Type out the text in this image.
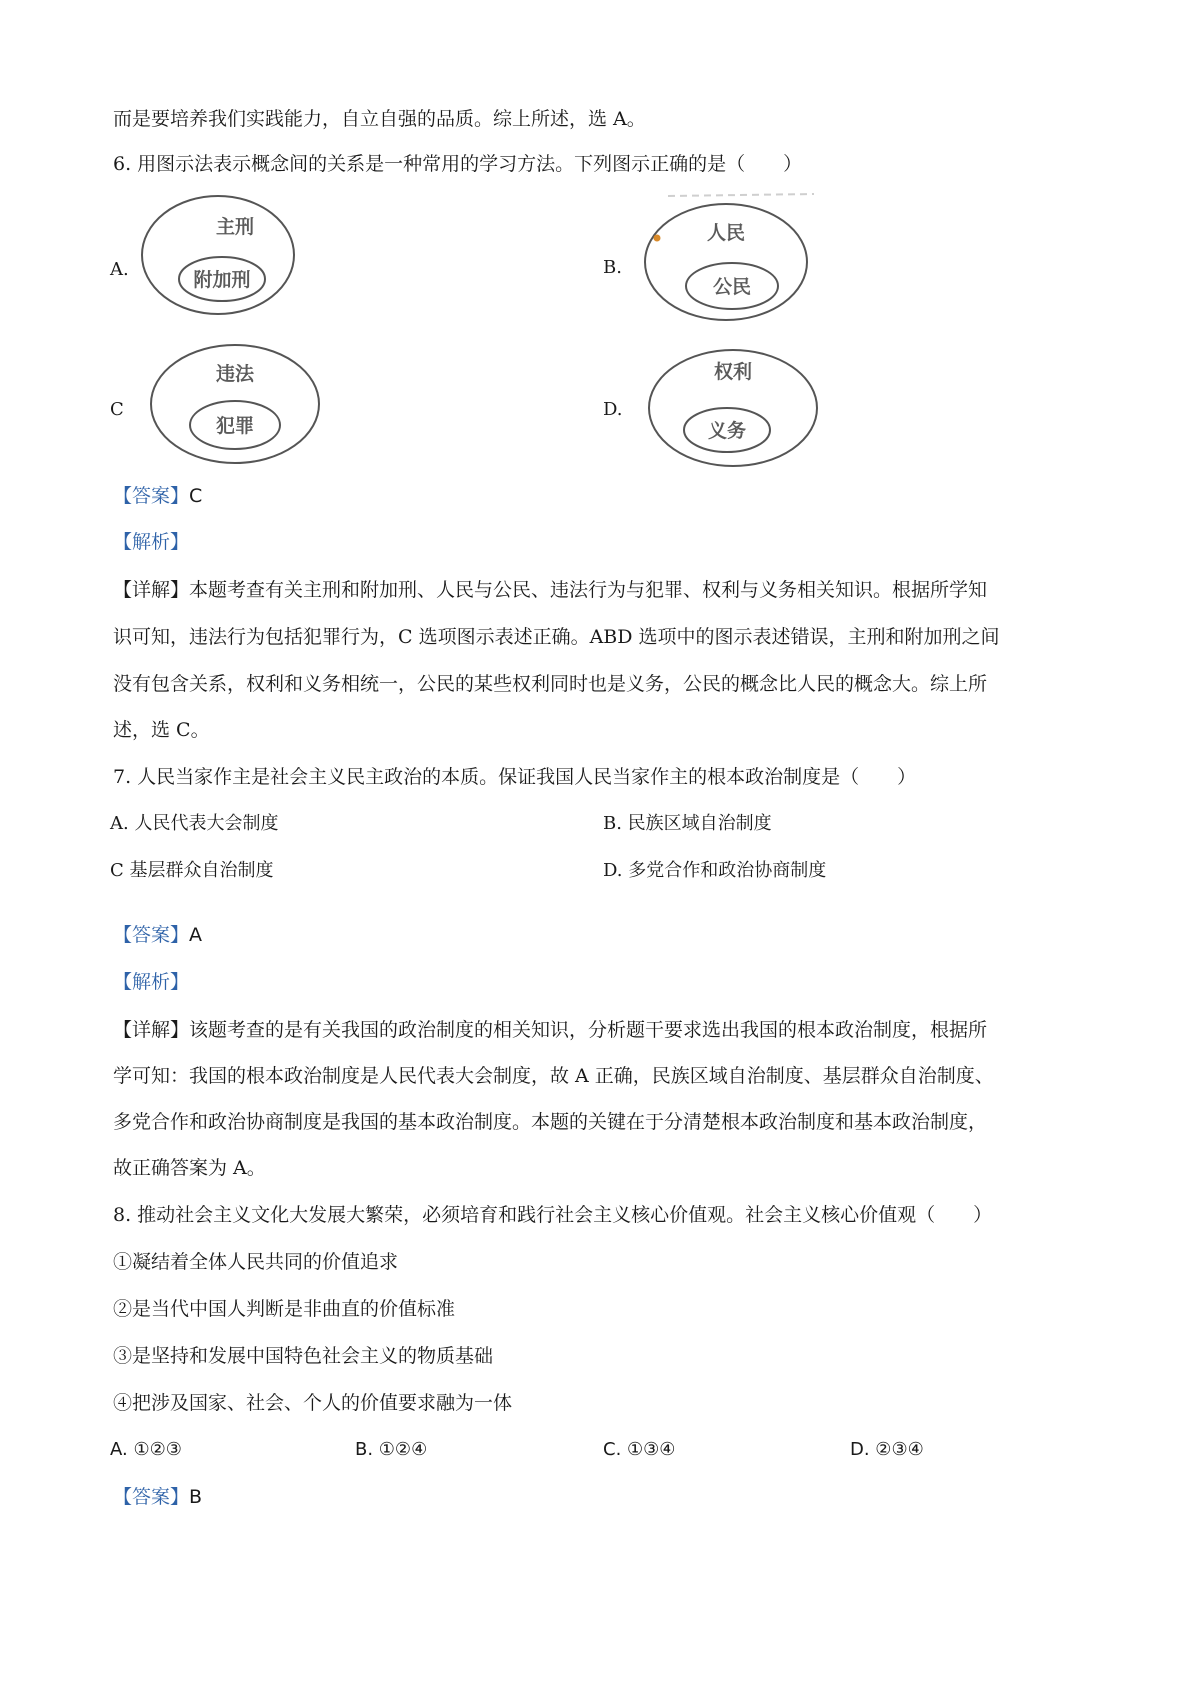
而是要培养我们实践能力，自立自强的品质。综上所述，选 A。
6. 用图示法表示概念间的关系是一种常用的学习方法。下列图示正确的是（　　）
A.
主刑
附加刑
B.
人民
公民
C
违法
犯罪
D.
权利
义务
【答案】C
【解析】
【详解】本题考查有关主刑和附加刑、人民与公民、违法行为与犯罪、权利与义务相关知识。根据所学知
识可知，违法行为包括犯罪行为，C 选项图示表述正确。ABD 选项中的图示表述错误，主刑和附加刑之间
没有包含关系，权利和义务相统一，公民的某些权利同时也是义务，公民的概念比人民的概念大。综上所
述，选 C。
7. 人民当家作主是社会主义民主政治的本质。保证我国人民当家作主的根本政治制度是（　　）
A. 人民代表大会制度	B. 民族区域自治制度
C 基层群众自治制度	D. 多党合作和政治协商制度
【答案】A
【解析】
【详解】该题考查的是有关我国的政治制度的相关知识，分析题干要求选出我国的根本政治制度，根据所
学可知：我国的根本政治制度是人民代表大会制度，故 A 正确，民族区域自治制度、基层群众自治制度、
多党合作和政治协商制度是我国的基本政治制度。本题的关键在于分清楚根本政治制度和基本政治制度，
故正确答案为 A。
8. 推动社会主义文化大发展大繁荣，必须培育和践行社会主义核心价值观。社会主义核心价值观（　　）
①凝结着全体人民共同的价值追求
②是当代中国人判断是非曲直的价值标准
③是坚持和发展中国特色社会主义的物质基础
④把涉及国家、社会、个人的价值要求融为一体
A. ①②③	B. ①②④	C. ①③④	D. ②③④
【答案】B
